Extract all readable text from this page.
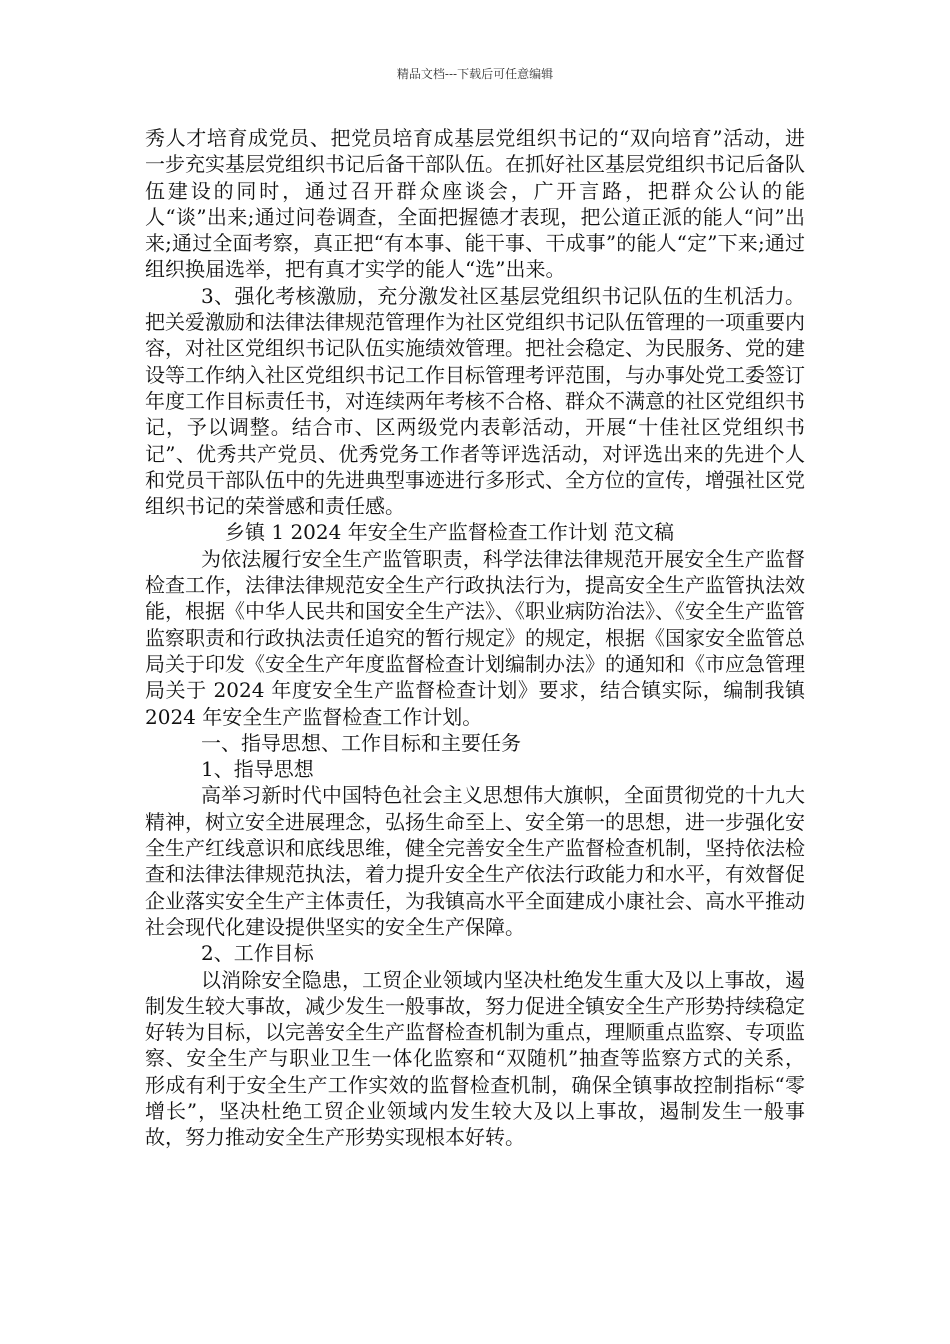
精品文档---下载后可任意编辑

秀人才培育成党员、把党员培育成基层党组织书记的“双向培育”活动，进一步充实基层党组织书记后备干部队伍。在抓好社区基层党组织书记后备队伍建设的同时，通过召开群众座谈会，广开言路，把群众公认的能人“谈”出来;通过问卷调查，全面把握德才表现，把公道正派的能人“问”出来;通过全面考察，真正把“有本事、能干事、干成事”的能人“定”下来;通过组织换届选举，把有真才实学的能人“选”出来。

3、强化考核激励，充分激发社区基层党组织书记队伍的生机活力。把关爱激励和法律法律规范管理作为社区党组织书记队伍管理的一项重要内容，对社区党组织书记队伍实施绩效管理。把社会稳定、为民服务、党的建设等工作纳入社区党组织书记工作目标管理考评范围，与办事处党工委签订年度工作目标责任书，对连续两年考核不合格、群众不满意的社区党组织书记，予以调整。结合市、区两级党内表彰活动，开展“十佳社区党组织书记”、优秀共产党员、优秀党务工作者等评选活动，对评选出来的先进个人和党员干部队伍中的先进典型事迹进行多形式、全方位的宣传，增强社区党组织书记的荣誉感和责任感。

乡镇 1 2024 年安全生产监督检查工作计划 范文稿

为依法履行安全生产监管职责，科学法律法律规范开展安全生产监督检查工作，法律法律规范安全生产行政执法行为，提高安全生产监管执法效能，根据《中华人民共和国安全生产法》、《职业病防治法》、《安全生产监管监察职责和行政执法责任追究的暂行规定》的规定，根据《国家安全监管总局关于印发《安全生产年度监督检查计划编制办法》的通知和《市应急管理局关于 2024 年度安全生产监督检查计划》要求，结合镇实际，编制我镇 2024 年安全生产监督检查工作计划。

一、指导思想、工作目标和主要任务

1、指导思想

高举习新时代中国特色社会主义思想伟大旗帜，全面贯彻党的十九大精神，树立安全进展理念，弘扬生命至上、安全第一的思想，进一步强化安全生产红线意识和底线思维，健全完善安全生产监督检查机制，坚持依法检查和法律法律规范执法，着力提升安全生产依法行政能力和水平，有效督促企业落实安全生产主体责任，为我镇高水平全面建成小康社会、高水平推动社会现代化建设提供坚实的安全生产保障。

2、工作目标

以消除安全隐患，工贸企业领域内坚决杜绝发生重大及以上事故，遏制发生较大事故，减少发生一般事故，努力促进全镇安全生产形势持续稳定好转为目标，以完善安全生产监督检查机制为重点，理顺重点监察、专项监察、安全生产与职业卫生一体化监察和“双随机”抽查等监察方式的关系，形成有利于安全生产工作实效的监督检查机制，确保全镇事故控制指标“零增长”，坚决杜绝工贸企业领域内发生较大及以上事故，遏制发生一般事故，努力推动安全生产形势实现根本好转。
